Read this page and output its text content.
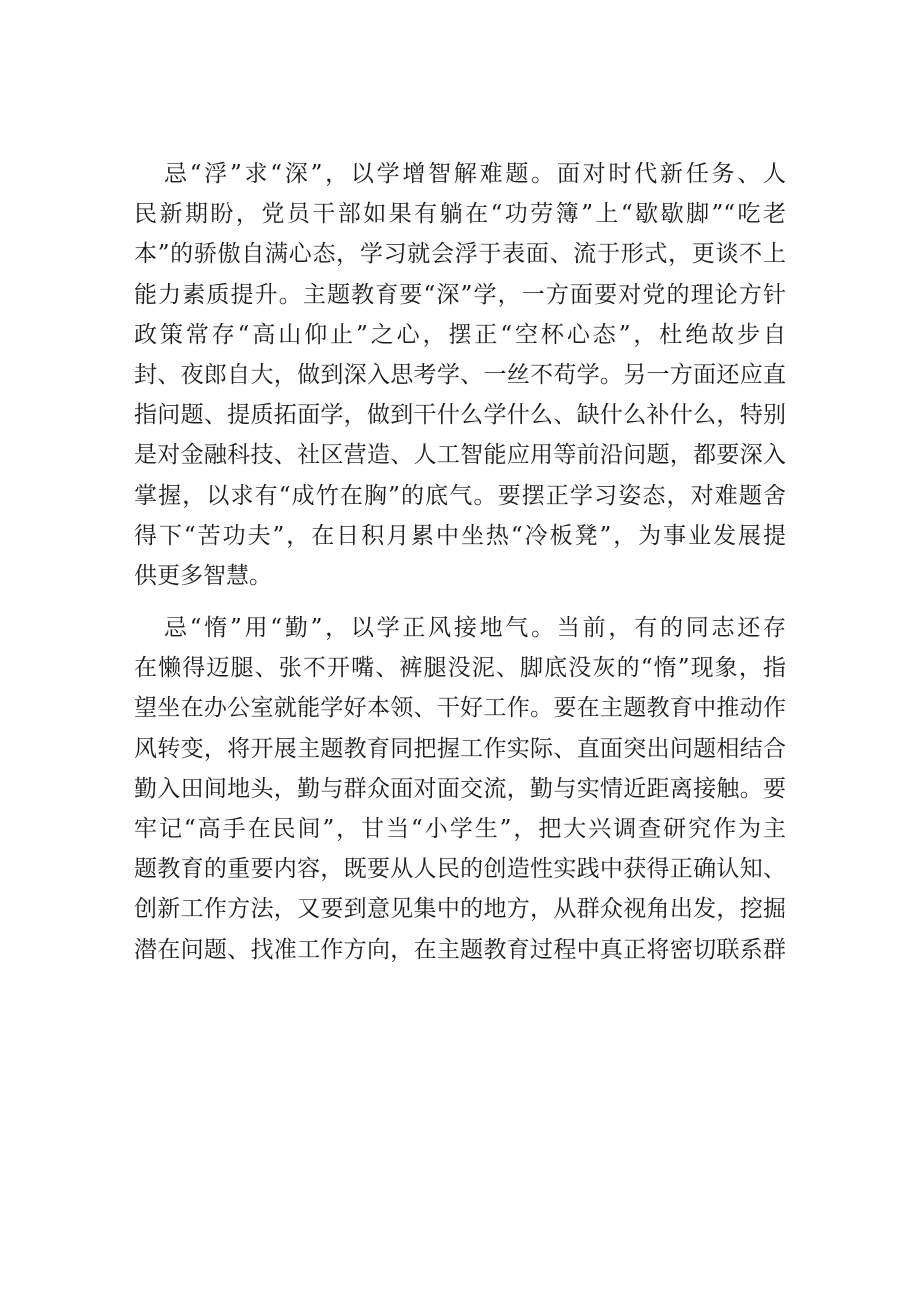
忌“浮”求“深”，以学增智解难题。面对时代新任务、人
民新期盼，党员干部如果有躺在“功劳簿”上“歇歇脚”“吃老
本”的骄傲自满心态，学习就会浮于表面、流于形式，更谈不上
能力素质提升。主题教育要“深”学，一方面要对党的理论方针
政策常存“高山仰止”之心，摆正“空杯心态”，杜绝故步自
封、夜郎自大，做到深入思考学、一丝不苟学。另一方面还应直
指问题、提质拓面学，做到干什么学什么、缺什么补什么，特别
是对金融科技、社区营造、人工智能应用等前沿问题，都要深入
掌握，以求有“成竹在胸”的底气。要摆正学习姿态，对难题舍
得下“苦功夫”，在日积月累中坐热“冷板凳”，为事业发展提
供更多智慧。
忌“惰”用“勤”，以学正风接地气。当前，有的同志还存
在懒得迈腿、张不开嘴、裤腿没泥、脚底没灰的“惰”现象，指
望坐在办公室就能学好本领、干好工作。要在主题教育中推动作
风转变，将开展主题教育同把握工作实际、直面突出问题相结合
勤入田间地头，勤与群众面对面交流，勤与实情近距离接触。要
牢记“高手在民间”，甘当“小学生”，把大兴调查研究作为主
题教育的重要内容，既要从人民的创造性实践中获得正确认知、
创新工作方法，又要到意见集中的地方，从群众视角出发，挖掘
潜在问题、找准工作方向，在主题教育过程中真正将密切联系群
